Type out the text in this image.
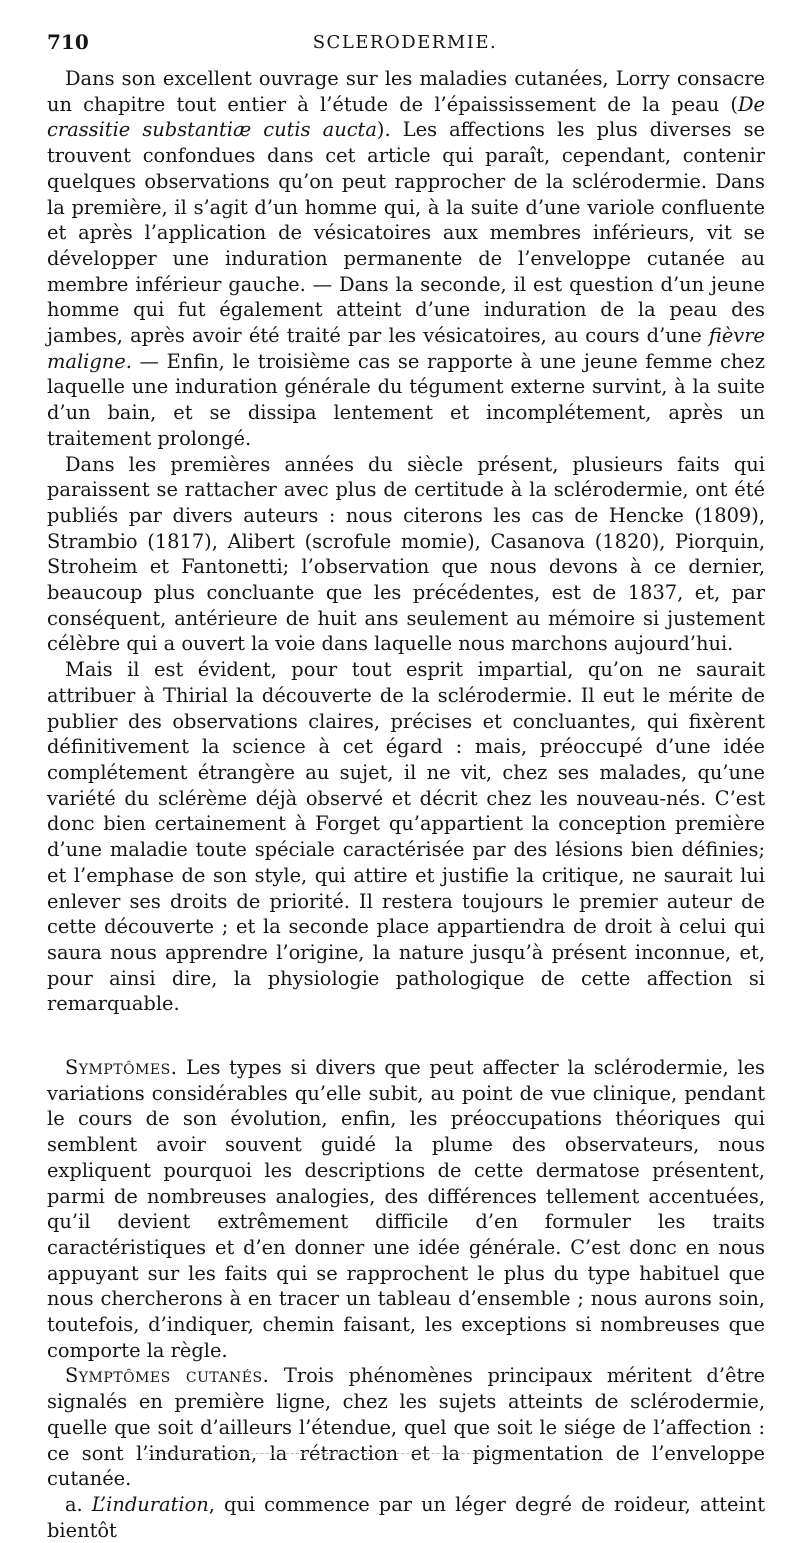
710	SCLERODERMIE.

Dans son excellent ouvrage sur les maladies cutanées, Lorry consacre un chapitre tout entier à l’étude de l’épaississement de la peau (De crassitie substantiæ cutis aucta). Les affections les plus diverses se trouvent confondues dans cet article qui paraît, cependant, contenir quelques observations qu’on peut rapprocher de la sclérodermie. Dans la première, il s’agit d’un homme qui, à la suite d’une variole confluente et après l’application de vésicatoires aux membres inférieurs, vit se développer une induration permanente de l’enveloppe cutanée au membre inférieur gauche. — Dans la seconde, il est question d’un jeune homme qui fut également atteint d’une induration de la peau des jambes, après avoir été traité par les vésicatoires, au cours d’une fièvre maligne. — Enfin, le troisième cas se rapporte à une jeune femme chez laquelle une induration générale du tégument externe survint, à la suite d’un bain, et se dissipa lentement et incomplétement, après un traitement prolongé.

Dans les premières années du siècle présent, plusieurs faits qui paraissent se rattacher avec plus de certitude à la sclérodermie, ont été publiés par divers auteurs : nous citerons les cas de Hencke (1809), Strambio (1817), Alibert (scrofule momie), Casanova (1820), Piorquin, Stroheim et Fantonetti; l’observation que nous devons à ce dernier, beaucoup plus concluante que les précédentes, est de 1837, et, par conséquent, antérieure de huit ans seulement au mémoire si justement célèbre qui a ouvert la voie dans laquelle nous marchons aujourd’hui.

Mais il est évident, pour tout esprit impartial, qu’on ne saurait attribuer à Thirial la découverte de la sclérodermie. Il eut le mérite de publier des observations claires, précises et concluantes, qui fixèrent définitivement la science à cet égard : mais, préoccupé d’une idée complétement étrangère au sujet, il ne vit, chez ses malades, qu’une variété du sclérème déjà observé et décrit chez les nouveau-nés. C’est donc bien certainement à Forget qu’appartient la conception première d’une maladie toute spéciale caractérisée par des lésions bien définies; et l’emphase de son style, qui attire et justifie la critique, ne saurait lui enlever ses droits de priorité. Il restera toujours le premier auteur de cette découverte ; et la seconde place appartiendra de droit à celui qui saura nous apprendre l’origine, la nature jusqu’à présent inconnue, et, pour ainsi dire, la physiologie pathologique de cette affection si remarquable.

Symptômes. Les types si divers que peut affecter la sclérodermie, les variations considérables qu’elle subit, au point de vue clinique, pendant le cours de son évolution, enfin, les préoccupations théoriques qui semblent avoir souvent guidé la plume des observateurs, nous expliquent pourquoi les descriptions de cette dermatose présentent, parmi de nombreuses analogies, des différences tellement accentuées, qu’il devient extrêmement difficile d’en formuler les traits caractéristiques et d’en donner une idée générale. C’est donc en nous appuyant sur les faits qui se rapprochent le plus du type habituel que nous chercherons à en tracer un tableau d’ensemble ; nous aurons soin, toutefois, d’indiquer, chemin faisant, les exceptions si nombreuses que comporte la règle.

Symptômes cutanés. Trois phénomènes principaux méritent d’être signalés en première ligne, chez les sujets atteints de sclérodermie, quelle que soit d’ailleurs l’étendue, quel que soit le siége de l’affection : ce sont l’induration, la rétraction et la pigmentation de l’enveloppe cutanée.

a. L’induration, qui commence par un léger degré de roideur, atteint bientôt
